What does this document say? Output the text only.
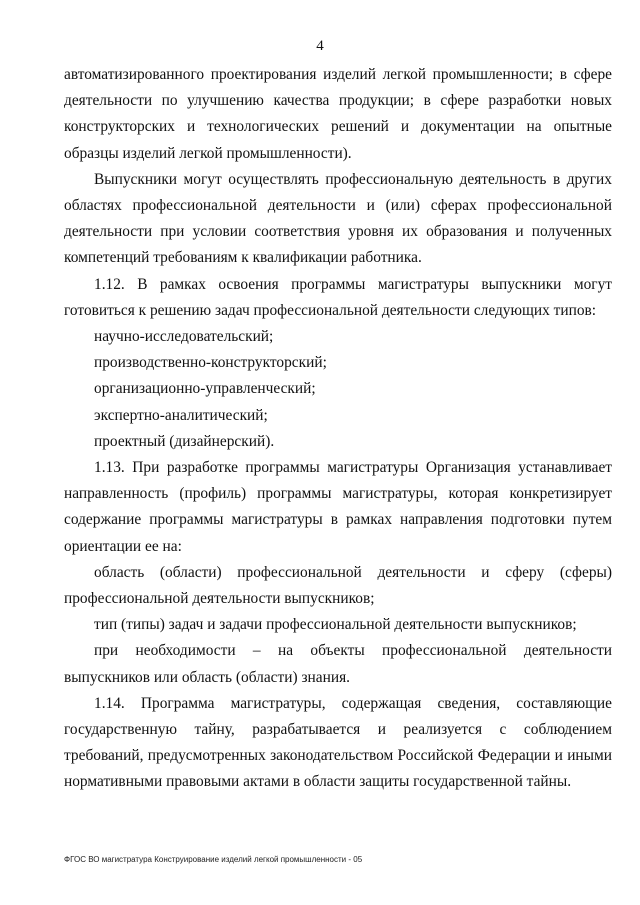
4

автоматизированного проектирования изделий легкой промышленности; в сфере деятельности по улучшению качества продукции; в сфере разработки новых конструкторских и технологических решений и документации на опытные образцы изделий легкой промышленности).

Выпускники могут осуществлять профессиональную деятельность в других областях профессиональной деятельности и (или) сферах профессиональной деятельности при условии соответствия уровня их образования и полученных компетенций требованиям к квалификации работника.

1.12. В рамках освоения программы магистратуры выпускники могут готовиться к решению задач профессиональной деятельности следующих типов:

научно-исследовательский;

производственно-конструкторский;

организационно-управленческий;

экспертно-аналитический;

проектный (дизайнерский).

1.13. При разработке программы магистратуры Организация устанавливает направленность (профиль) программы магистратуры, которая конкретизирует содержание программы магистратуры в рамках направления подготовки путем ориентации ее на:

область (области) профессиональной деятельности и сферу (сферы) профессиональной деятельности выпускников;

тип (типы) задач и задачи профессиональной деятельности выпускников;

при необходимости – на объекты профессиональной деятельности выпускников или область (области) знания.

1.14. Программа магистратуры, содержащая сведения, составляющие государственную тайну, разрабатывается и реализуется с соблюдением требований, предусмотренных законодательством Российской Федерации и иными нормативными правовыми актами в области защиты государственной тайны.

ФГОС ВО магистратура Конструирование изделий легкой промышленности - 05
